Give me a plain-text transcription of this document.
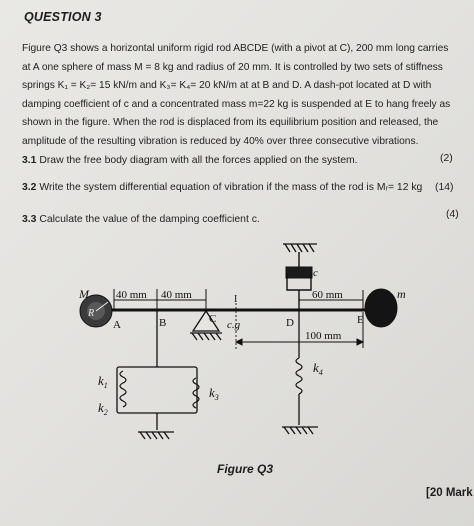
QUESTION 3
Figure Q3 shows a horizontal uniform rigid rod ABCDE (with a pivot at C), 200 mm long carries
at A one sphere of mass M = 8 kg and radius of 20 mm. It is controlled by two sets of stiffness
springs K₁ = K₂= 15 kN/m and K₃= K₄= 20 kN/m at at B and D. A dash-pot located at D with
damping coefficient of c and a concentrated mass m=22 kg is suspended at E to hang freely as
shown in the figure. When the rod is displaced from its equilibrium position and released, the
amplitude of the resulting vibration is reduced by 40% over three consecutive vibrations.
3.1 Draw the free body diagram with all the forces applied on the system.	(2)
3.2 Write the system differential equation of vibration if the mass of the rod is Mᵣ= 12 kg (14)
3.3 Calculate the value of the damping coefficient c.	(4)
c
40 mm 40 mm	60 mm
M
R
A	B	C
I
c.g	D	E
m
100 mm
$k_1$
$k_2$
$k_3$
$k_4$
Figure Q3
[20 Mark
